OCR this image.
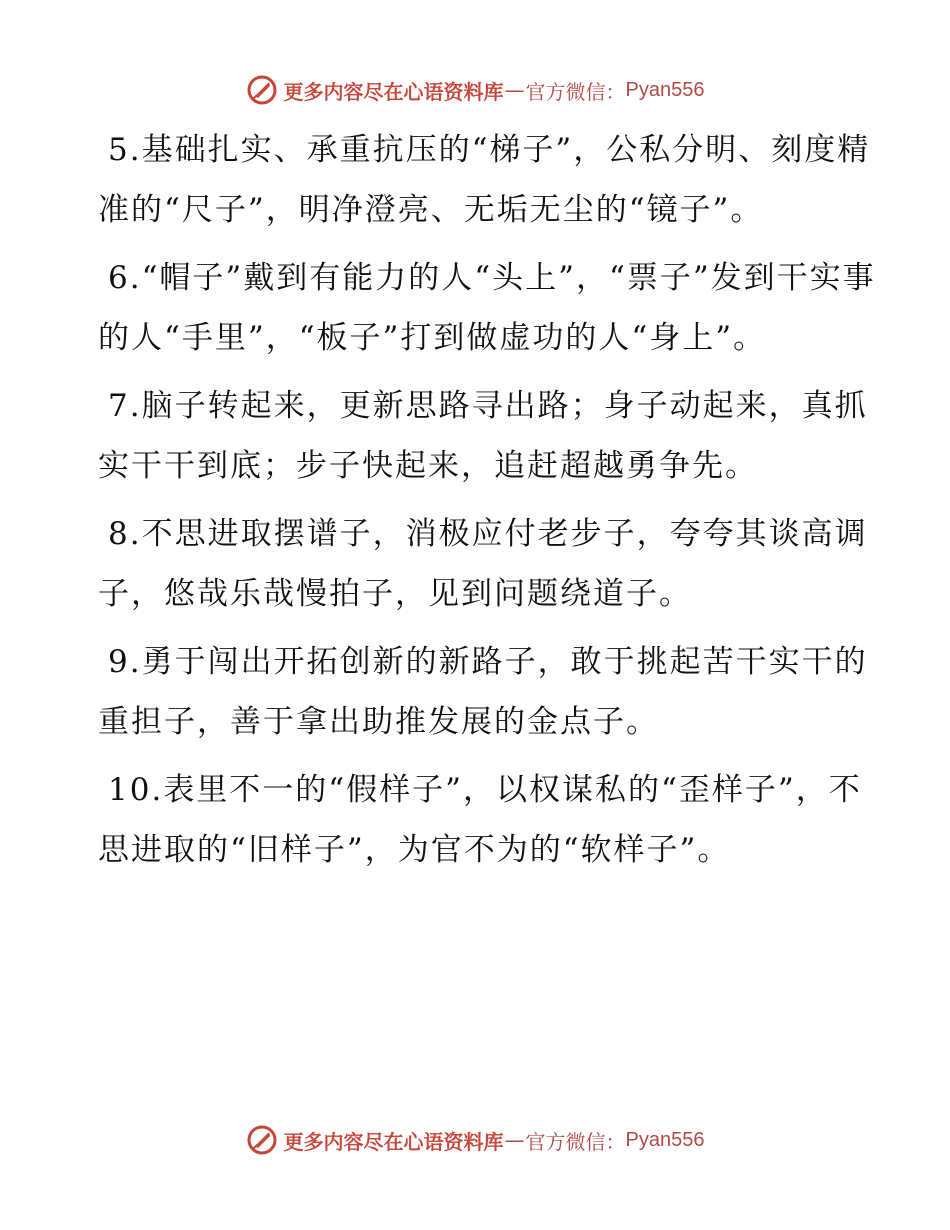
更多内容尽在心语资料库 — 官方微信： Pyan556

5.基础扎实、承重抗压的“梯子”，公私分明、刻度精准的“尺子”，明净澄亮、无垢无尘的“镜子”。

6.“帽子”戴到有能力的人“头上”，“票子”发到干实事的人“手里”，“板子”打到做虚功的人“身上”。

7.脑子转起来，更新思路寻出路；身子动起来，真抓实干干到底；步子快起来，追赶超越勇争先。

8.不思进取摆谱子，消极应付老步子，夸夸其谈高调子，悠哉乐哉慢拍子，见到问题绕道子。

9.勇于闯出开拓创新的新路子，敢于挑起苦干实干的重担子，善于拿出助推发展的金点子。

10.表里不一的“假样子”，以权谋私的“歪样子”，不思进取的“旧样子”，为官不为的“软样子”。

更多内容尽在心语资料库 — 官方微信： Pyan556
